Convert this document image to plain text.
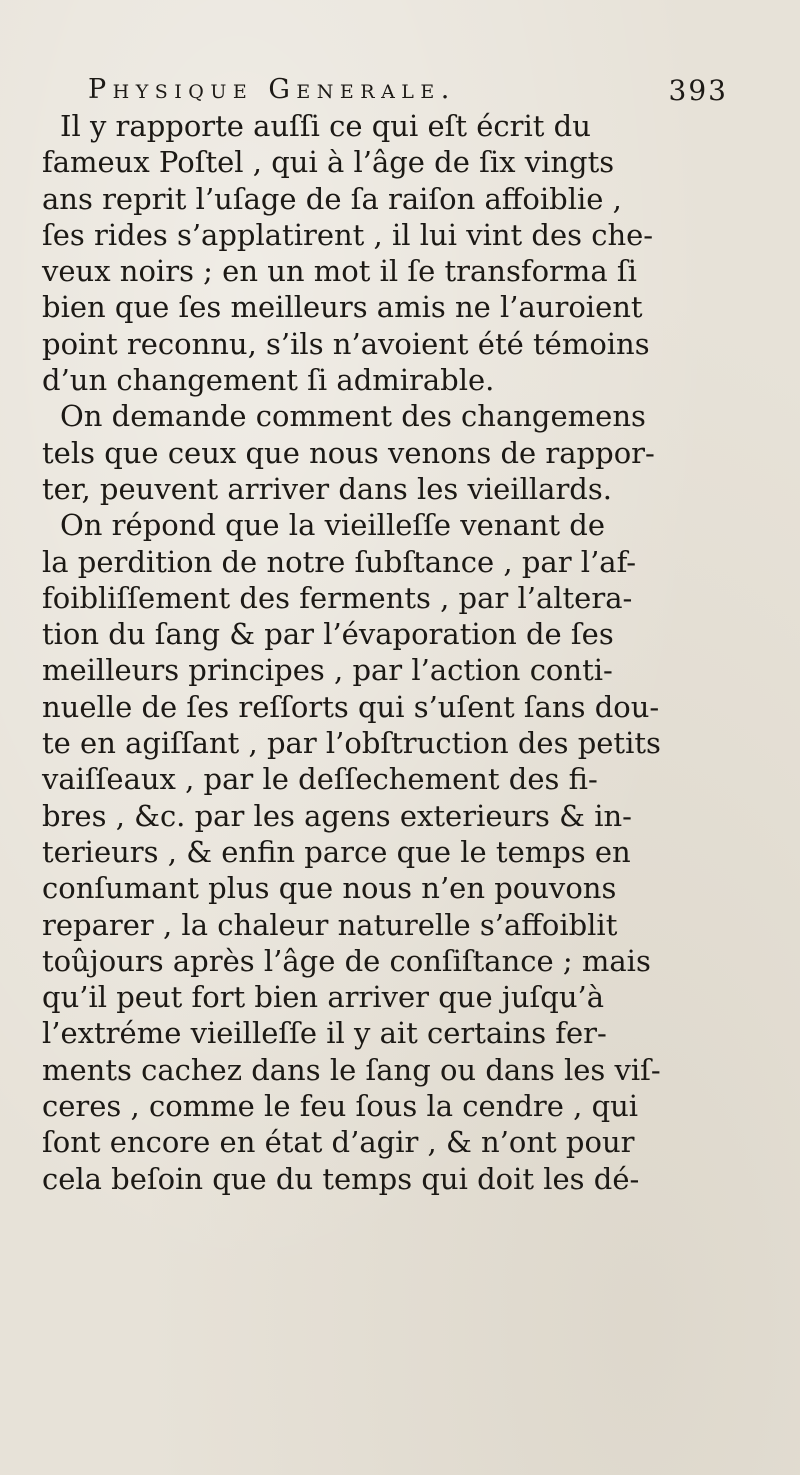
Physique Generale.	393
Il y rapporte auſſi ce qui eſt écrit du
fameux Poſtel , qui à l’âge de ſix vingts
ans reprit l’uſage de ſa raiſon affoiblie ,
ſes rides s’applatirent , il lui vint des che-
veux noirs ; en un mot il ſe transforma ſi
bien que ſes meilleurs amis ne l’auroient
point reconnu, s’ils n’avoient été témoins
d’un changement ſi admirable.
On demande comment des changemens
tels que ceux que nous venons de rappor-
ter, peuvent arriver dans les vieillards.
On répond que la vieilleſſe venant de
la perdition de notre ſubſtance , par l’af-
foibliſſement des ferments , par l’altera-
tion du ſang & par l’évaporation de ſes
meilleurs principes , par l’action conti-
nuelle de ſes reſſorts qui s’uſent ſans dou-
te en agiſſant , par l’obſtruction des petits
vaiſſeaux , par le deſſechement des fi-
bres , &c. par les agens exterieurs & in-
terieurs , & enfin parce que le temps en
conſumant plus que nous n’en pouvons
reparer , la chaleur naturelle s’affoiblit
toûjours après l’âge de conſiſtance ; mais
qu’il peut fort bien arriver que juſqu’à
l’extréme vieilleſſe il y ait certains fer-
ments cachez dans le ſang ou dans les viſ-
ceres , comme le feu ſous la cendre , qui
ſont encore en état d’agir , & n’ont pour
cela beſoin que du temps qui doit les dé-
